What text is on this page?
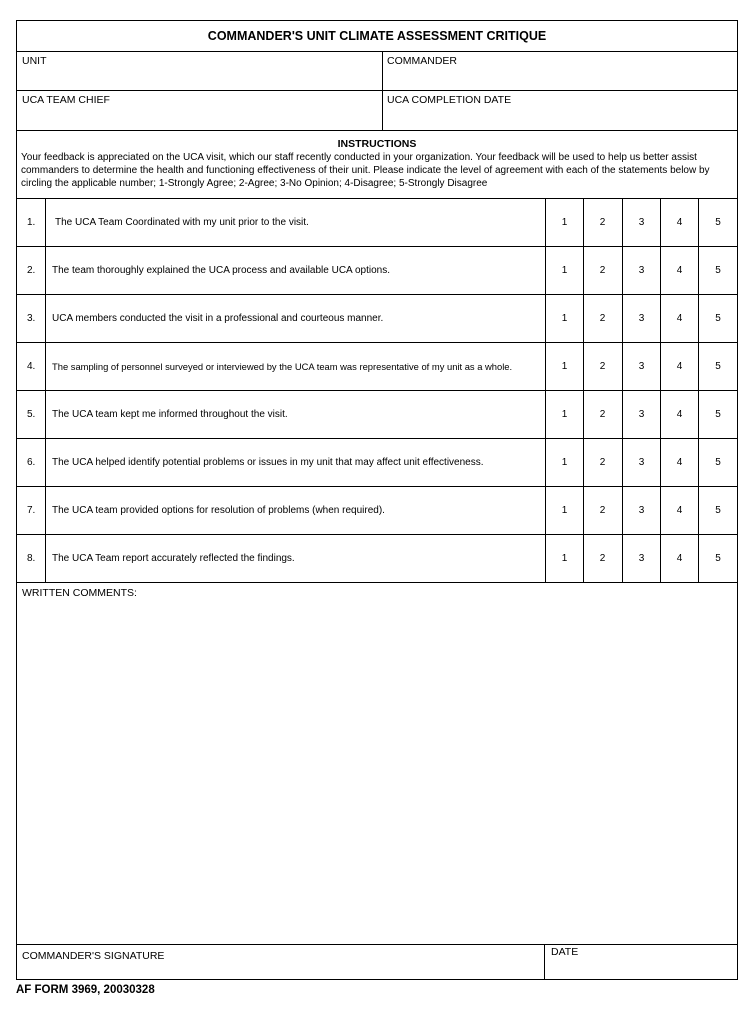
COMMANDER'S UNIT CLIMATE ASSESSMENT CRITIQUE
UNIT	COMMANDER
UCA TEAM CHIEF	UCA COMPLETION DATE
INSTRUCTIONS
Your feedback is appreciated on the UCA visit, which our staff recently conducted in your organization. Your feedback will be used to help us better assist commanders to determine the health and functioning effectiveness of their unit. Please indicate the level of agreement with each of the statements below by circling the applicable number; 1-Strongly Agree; 2-Agree; 3-No Opinion; 4-Disagree; 5-Strongly Disagree
1.	The UCA Team Coordinated with my unit prior to the visit.	1	2	3	4	5
2.	The team thoroughly explained the UCA process and available UCA options.	1	2	3	4	5
3.	UCA members conducted the visit in a professional and courteous manner.	1	2	3	4	5
4.	The sampling of personnel surveyed or interviewed by the UCA team was representative of my unit as a whole.	1	2	3	4	5
5.	The UCA team kept me informed throughout the visit.	1	2	3	4	5
6.	The UCA helped identify potential problems or issues in my unit that may affect unit effectiveness.	1	2	3	4	5
7.	The UCA team provided options for resolution of problems (when required).	1	2	3	4	5
8.	The UCA Team report accurately reflected the findings.	1	2	3	4	5
WRITTEN COMMENTS:
COMMANDER'S SIGNATURE	DATE
AF FORM 3969, 20030328
